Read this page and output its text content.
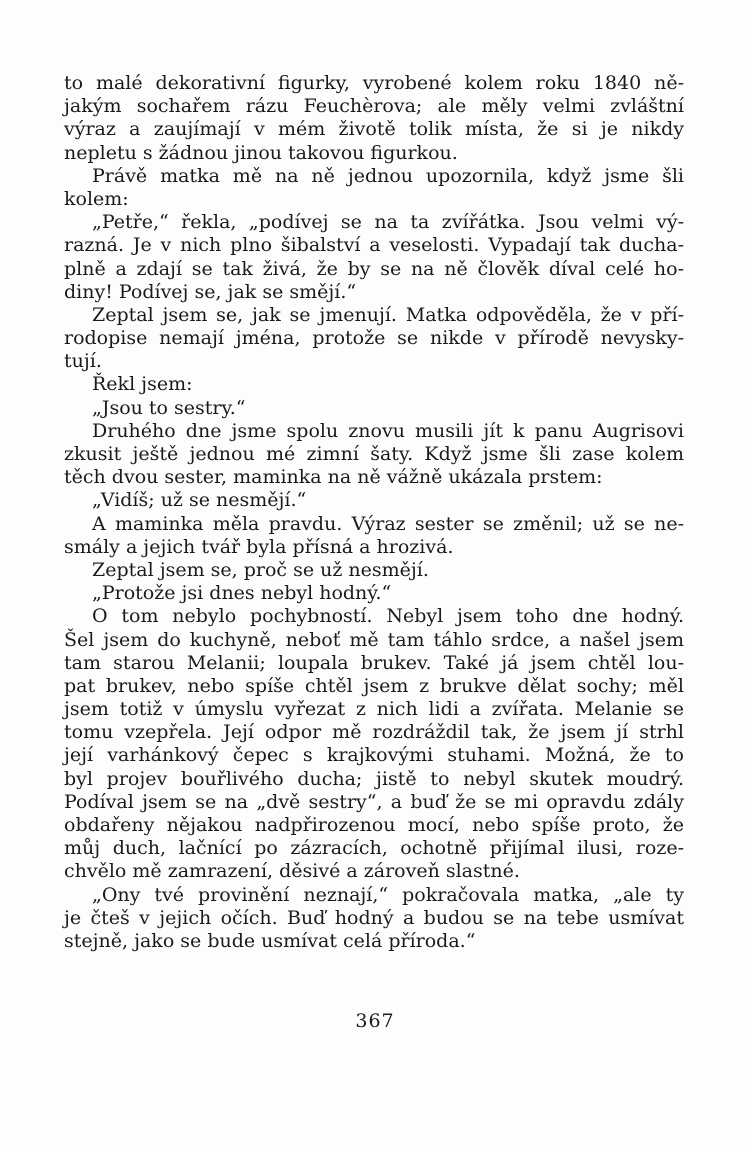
to malé dekorativní figurky, vyrobené kolem roku 1840 ně-
jakým sochařem rázu Feuchèrova; ale měly velmi zvláštní
výraz a zaujímají v mém životě tolik místa, že si je nikdy
nepletu s žádnou jinou takovou figurkou.
Právě matka mě na ně jednou upozornila, když jsme šli
kolem:
„Petře,“ řekla, „podívej se na ta zvířátka. Jsou velmi vý-
razná. Je v nich plno šibalství a veselosti. Vypadají tak ducha-
plně a zdají se tak živá, že by se na ně člověk díval celé ho-
diny! Podívej se, jak se smějí.“
Zeptal jsem se, jak se jmenují. Matka odpověděla, že v pří-
rodopise nemají jména, protože se nikde v přírodě nevysky-
tují.
Řekl jsem:
„Jsou to sestry.“
Druhého dne jsme spolu znovu musili jít k panu Augrisovi
zkusit ještě jednou mé zimní šaty. Když jsme šli zase kolem
těch dvou sester, maminka na ně vážně ukázala prstem:
„Vidíš; už se nesmějí.“
A maminka měla pravdu. Výraz sester se změnil; už se ne-
smály a jejich tvář byla přísná a hrozivá.
Zeptal jsem se, proč se už nesmějí.
„Protože jsi dnes nebyl hodný.“
O tom nebylo pochybností. Nebyl jsem toho dne hodný.
Šel jsem do kuchyně, neboť mě tam táhlo srdce, a našel jsem
tam starou Melanii; loupala brukev. Také já jsem chtěl lou-
pat brukev, nebo spíše chtěl jsem z brukve dělat sochy; měl
jsem totiž v úmyslu vyřezat z nich lidi a zvířata. Melanie se
tomu vzepřela. Její odpor mě rozdráždil tak, že jsem jí strhl
její varhánkový čepec s krajkovými stuhami. Možná, že to
byl projev bouřlivého ducha; jistě to nebyl skutek moudrý.
Podíval jsem se na „dvě sestry“, a buď že se mi opravdu zdály
obdařeny nějakou nadpřirozenou mocí, nebo spíše proto, že
můj duch, lačnící po zázracích, ochotně přijímal ilusi, roze-
chvělo mě zamrazení, děsivé a zároveň slastné.
„Ony tvé provinění neznají,“ pokračovala matka, „ale ty
je čteš v jejich očích. Buď hodný a budou se na tebe usmívat
stejně, jako se bude usmívat celá příroda.“
367
